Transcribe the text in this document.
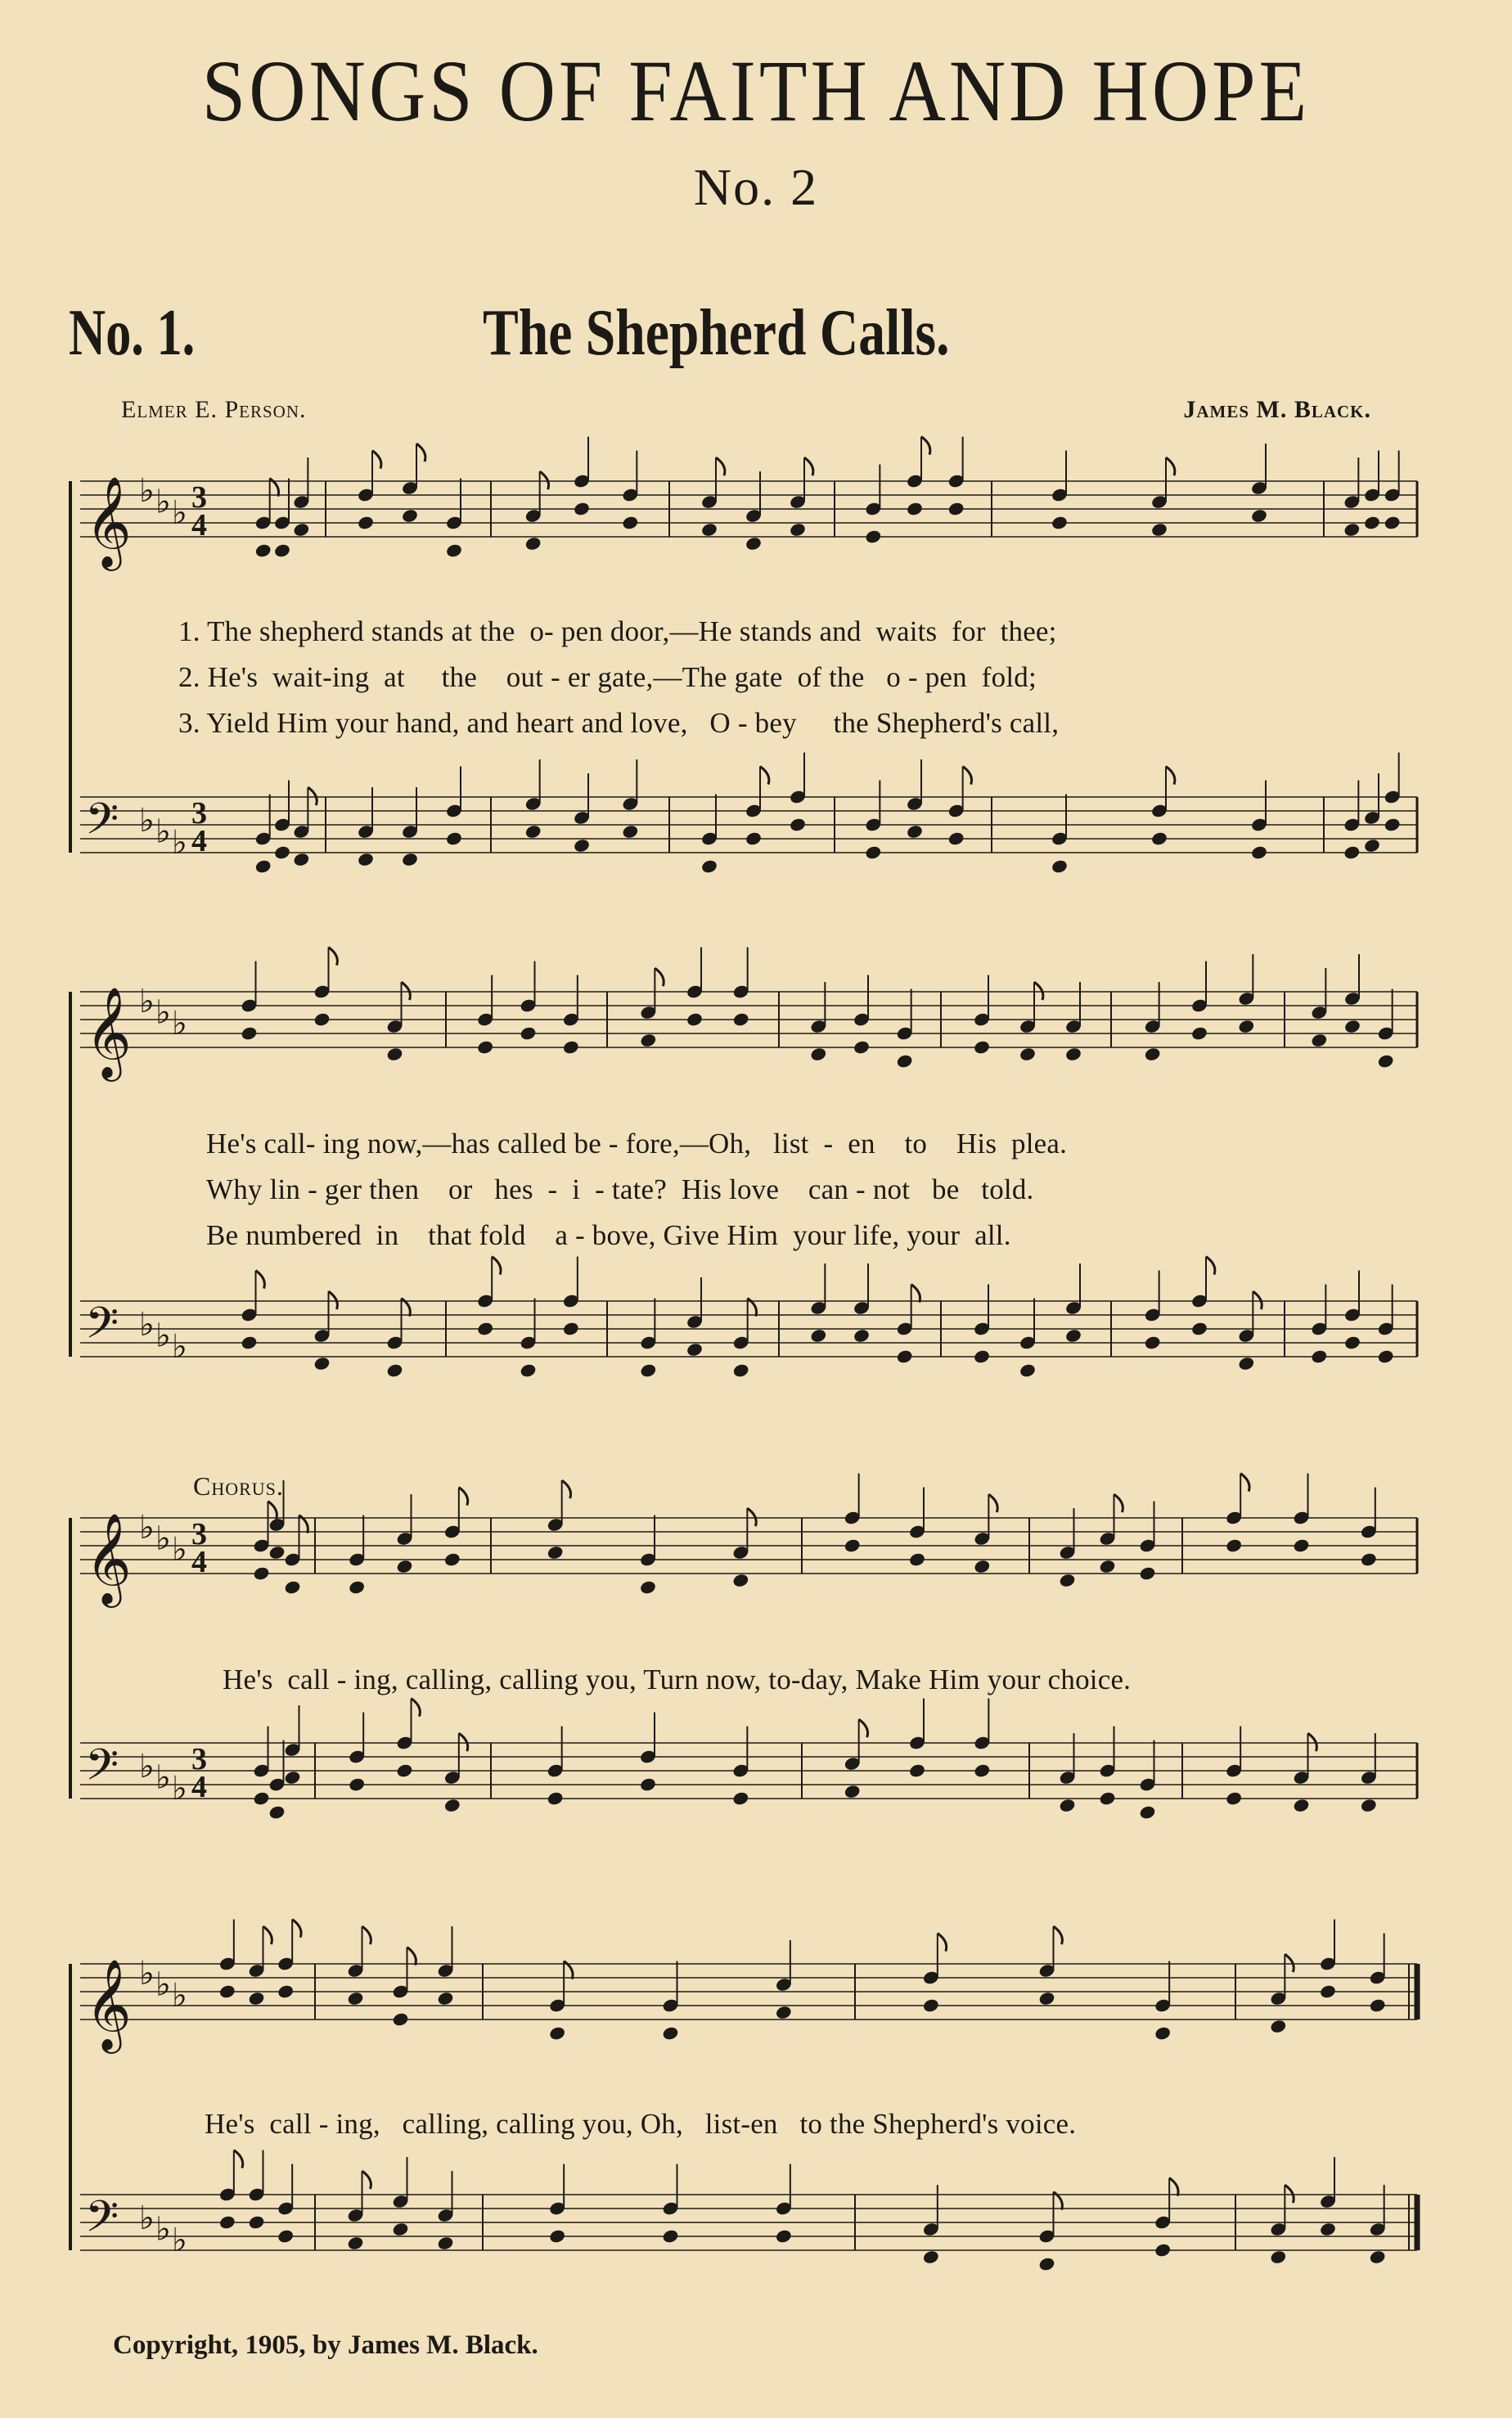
SONGS OF FAITH AND HOPE
No. 2
No. 1.	The Shepherd Calls.
Elmer E. Person.	James M. Black.
𝄞 ♭ ♭ ♭ 3
4
𝄢 ♭ ♭ ♭
3
4
𝄞 ♭ ♭ ♭
𝄢 ♭ ♭ ♭
𝄞 ♭ ♭ ♭ 3
4
𝄢 ♭ ♭ ♭
3
4
𝄞 ♭ ♭ ♭
𝄢 ♭ ♭ ♭
1. The shepherd stands at the  o- pen door,—He stands and  waits  for  thee;
2. He's  wait-ing  at     the    out - er gate,—The gate  of the   o - pen  fold;
3. Yield Him your hand, and heart and love,   O - bey     the Shepherd's call,
He's call- ing now,—has called be - fore,—Oh,   list  -  en    to    His  plea.
Why lin - ger then    or   hes  -  i  - tate?  His love    can - not   be   told.
Be numbered  in    that fold    a - bove, Give Him  your life, your  all.
Chorus.
He's  call - ing, calling, calling you, Turn now, to-day, Make Him your choice.
He's  call - ing,   calling, calling you, Oh,   list-en   to the Shepherd's voice.
Copyright, 1905, by James M. Black.
